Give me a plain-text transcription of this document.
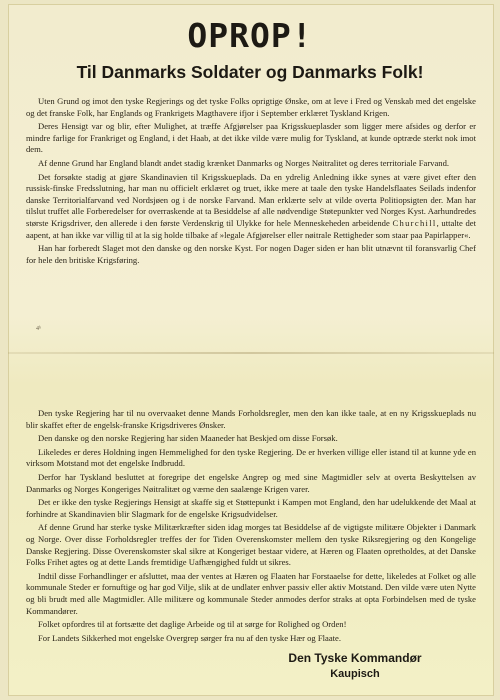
OPROP!
Til Danmarks Soldater og Danmarks Folk!

Uten Grund og imot den tyske Regjerings og det tyske Folks oprigtige Ønske, om at leve i Fred og Venskab med det engelske og det franske Folk, har Englands og Frankrigets Magthavere ifjor i September erklæret Tyskland Krigen.

Deres Hensigt var og blir, efter Mulighet, at træffe Afgjørelser paa Krigsskueplasder som ligger mere afsides og derfor er mindre farlige for Frankriget og England, i det Haab, at det ikke vilde være mulig for Tyskland, at kunde optræde sterkt nok imot dem.

Af denne Grund har England blandt andet stadig krænket Danmarks og Norges Nøitralitet og deres territoriale Farvand.

Det forsøkte stadig at gjøre Skandinavien til Krigsskueplads. Da en ydrelig Anledning ikke synes at være givet efter den russisk-finske Fredsslutning, har man nu officielt erklæret og truet, ikke mere at taale den tyske Handelsflaates Seilads indenfor danske Territorialfarvand ved Nordsjøen og i de norske Farvand. Man erklærte selv at vilde overta Politiopsigten der. Man har tilslut truffet alle Forberedelser for overraskende at ta Besiddelse af alle nødvendige Støtepunkter ved Norges Kyst. Aarhundredes største Krigsdriver, den allerede i den første Verdenskrig til Ulykke for hele Menneskeheden arbeidende Churchill, uttalte det aapent, at han ikke var villig til at la sig holde tilbake af »legale Afgjørelser eller nøitrale Rettigheder som staar paa Papirlapper«.

Han har forberedt Slaget mot den danske og den norske Kyst. For nogen Dager siden er han blit utnævnt til foransvarlig Chef for hele den britiske Krigsføring.

4ᵇ

Den tyske Regjering har til nu overvaaket denne Mands Forholdsregler, men den kan ikke taale, at en ny Krigsskueplads nu blir skaffet efter de engelsk-franske Krigsdriveres Ønsker.

Den danske og den norske Regjering har siden Maaneder hat Beskjed om disse Forsøk.

Likeledes er deres Holdning ingen Hemmelighed for den tyske Regjering. De er hverken villige eller istand til at kunne yde en virksom Motstand mot det engelske Indbrudd.

Derfor har Tyskland besluttet at foregripe det engelske Angrep og med sine Magtmidler selv at overta Beskyttelsen av Danmarks og Norges Kongeriges Nøitralitæt og værne den saalænge Krigen varer.

Det er ikke den tyske Regjerings Hensigt at skaffe sig et Støttepunkt i Kampen mot England, den har udelukkende det Maal at forhindre at Skandinavien blir Slagmark for de engelske Krigsudvidelser.

Af denne Grund har sterke tyske Militærkræfter siden idag morges tat Besiddelse af de vigtigste militære Objekter i Danmark og Norge. Over disse Forholdsregler treffes der for Tiden Overenskomster mellem den tyske Riksregjering og den Kongelige Danske Regjering. Disse Overenskomster skal sikre at Kongeriget bestaar videre, at Hæren og Flaaten opretholdes, at det Danske Folks Frihet agtes og at dette Lands fremtidige Uafhængighed fuldt ut sikres.

Indtil disse Forhandlinger er afsluttet, maa der ventes at Hæren og Flaaten har Forstaaelse for dette, likeledes at Folket og alle kommunale Steder er fornuftige og har god Vilje, slik at de undlater enhver passiv eller aktiv Motstand. Den vilde være uten Nytte og bli brudt med alle Magtmidler. Alle militære og kommunale Steder anmodes derfor straks at opta Forbindelsen med de tyske Kommandører.

Folket opfordres til at fortsætte det daglige Arbeide og til at sørge for Rolighed og Orden!

For Landets Sikkerhed mot engelske Overgrep sørger fra nu af den tyske Hær og Flaate.

Den Tyske Kommandør
Kaupisch
